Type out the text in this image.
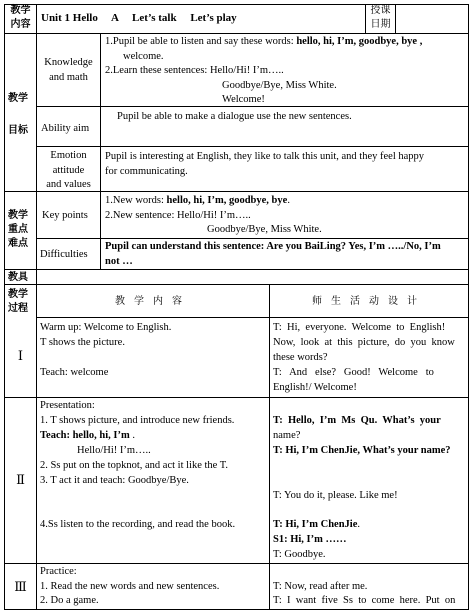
教学
内容
Unit 1 Hello     A     Let’s talk     Let’s play
授课
日期
教学
目标
Knowledge
and math
1.Pupil be able to listen and say these words: hello, hi, I’m, goodbye, bye ,
welcome.
2.Learn these sentences: Hello/Hi! I’m…..
Goodbye/Bye, Miss White.
Welcome!
Ability aim
Pupil be able to make a dialogue use the new sentences.
Emotion
attitude
and values
Pupil is interesting at English, they like to talk this unit, and they feel happy
for communicating.
教学
重点
难点
Key points
1.New words: hello, hi, I’m, goodbye, bye.
2.New sentence: Hello/Hi! I’m…..
Goodbye/Bye, Miss White.
Difficulties
Pupil can understand this sentence: Are you BaiLing? Yes, I’m …../No, I’m
not …
教具
教学
过程
教学内容	师生活动设计
Ⅰ
Warm up: Welcome to English.
T shows the picture.

Teach: welcome
T:  Hi,  everyone.  Welcome  to  English!
Now,  look  at  this  picture,  do  you  know
these words?
T:   And   else?   Good!   Welcome   to
English!/ Welcome!
Ⅱ
Presentation:
1. T shows picture, and introduce new friends.
Teach: hello, hi, I’m .
Hello/Hi! I’m…..
2. Ss put on the topknot, and act it like the T.
3. T act it and teach: Goodbye/Bye.
4.Ss listen to the recording, and read the book.
T:  Hello,  I’m  Ms  Qu.  What’s  your
name?
T: Hi, I’m ChenJie, What’s your name?
T: You do it, please. Like me!
T: Hi, I’m ChenJie.
S1: Hi, I’m ……
T: Goodbye.
Ⅲ
Practice:
1. Read the new words and new sentences.
2. Do a game.

T: Now, read after me.
T:  I  want  five  Ss  to  come  here.  Put  on
